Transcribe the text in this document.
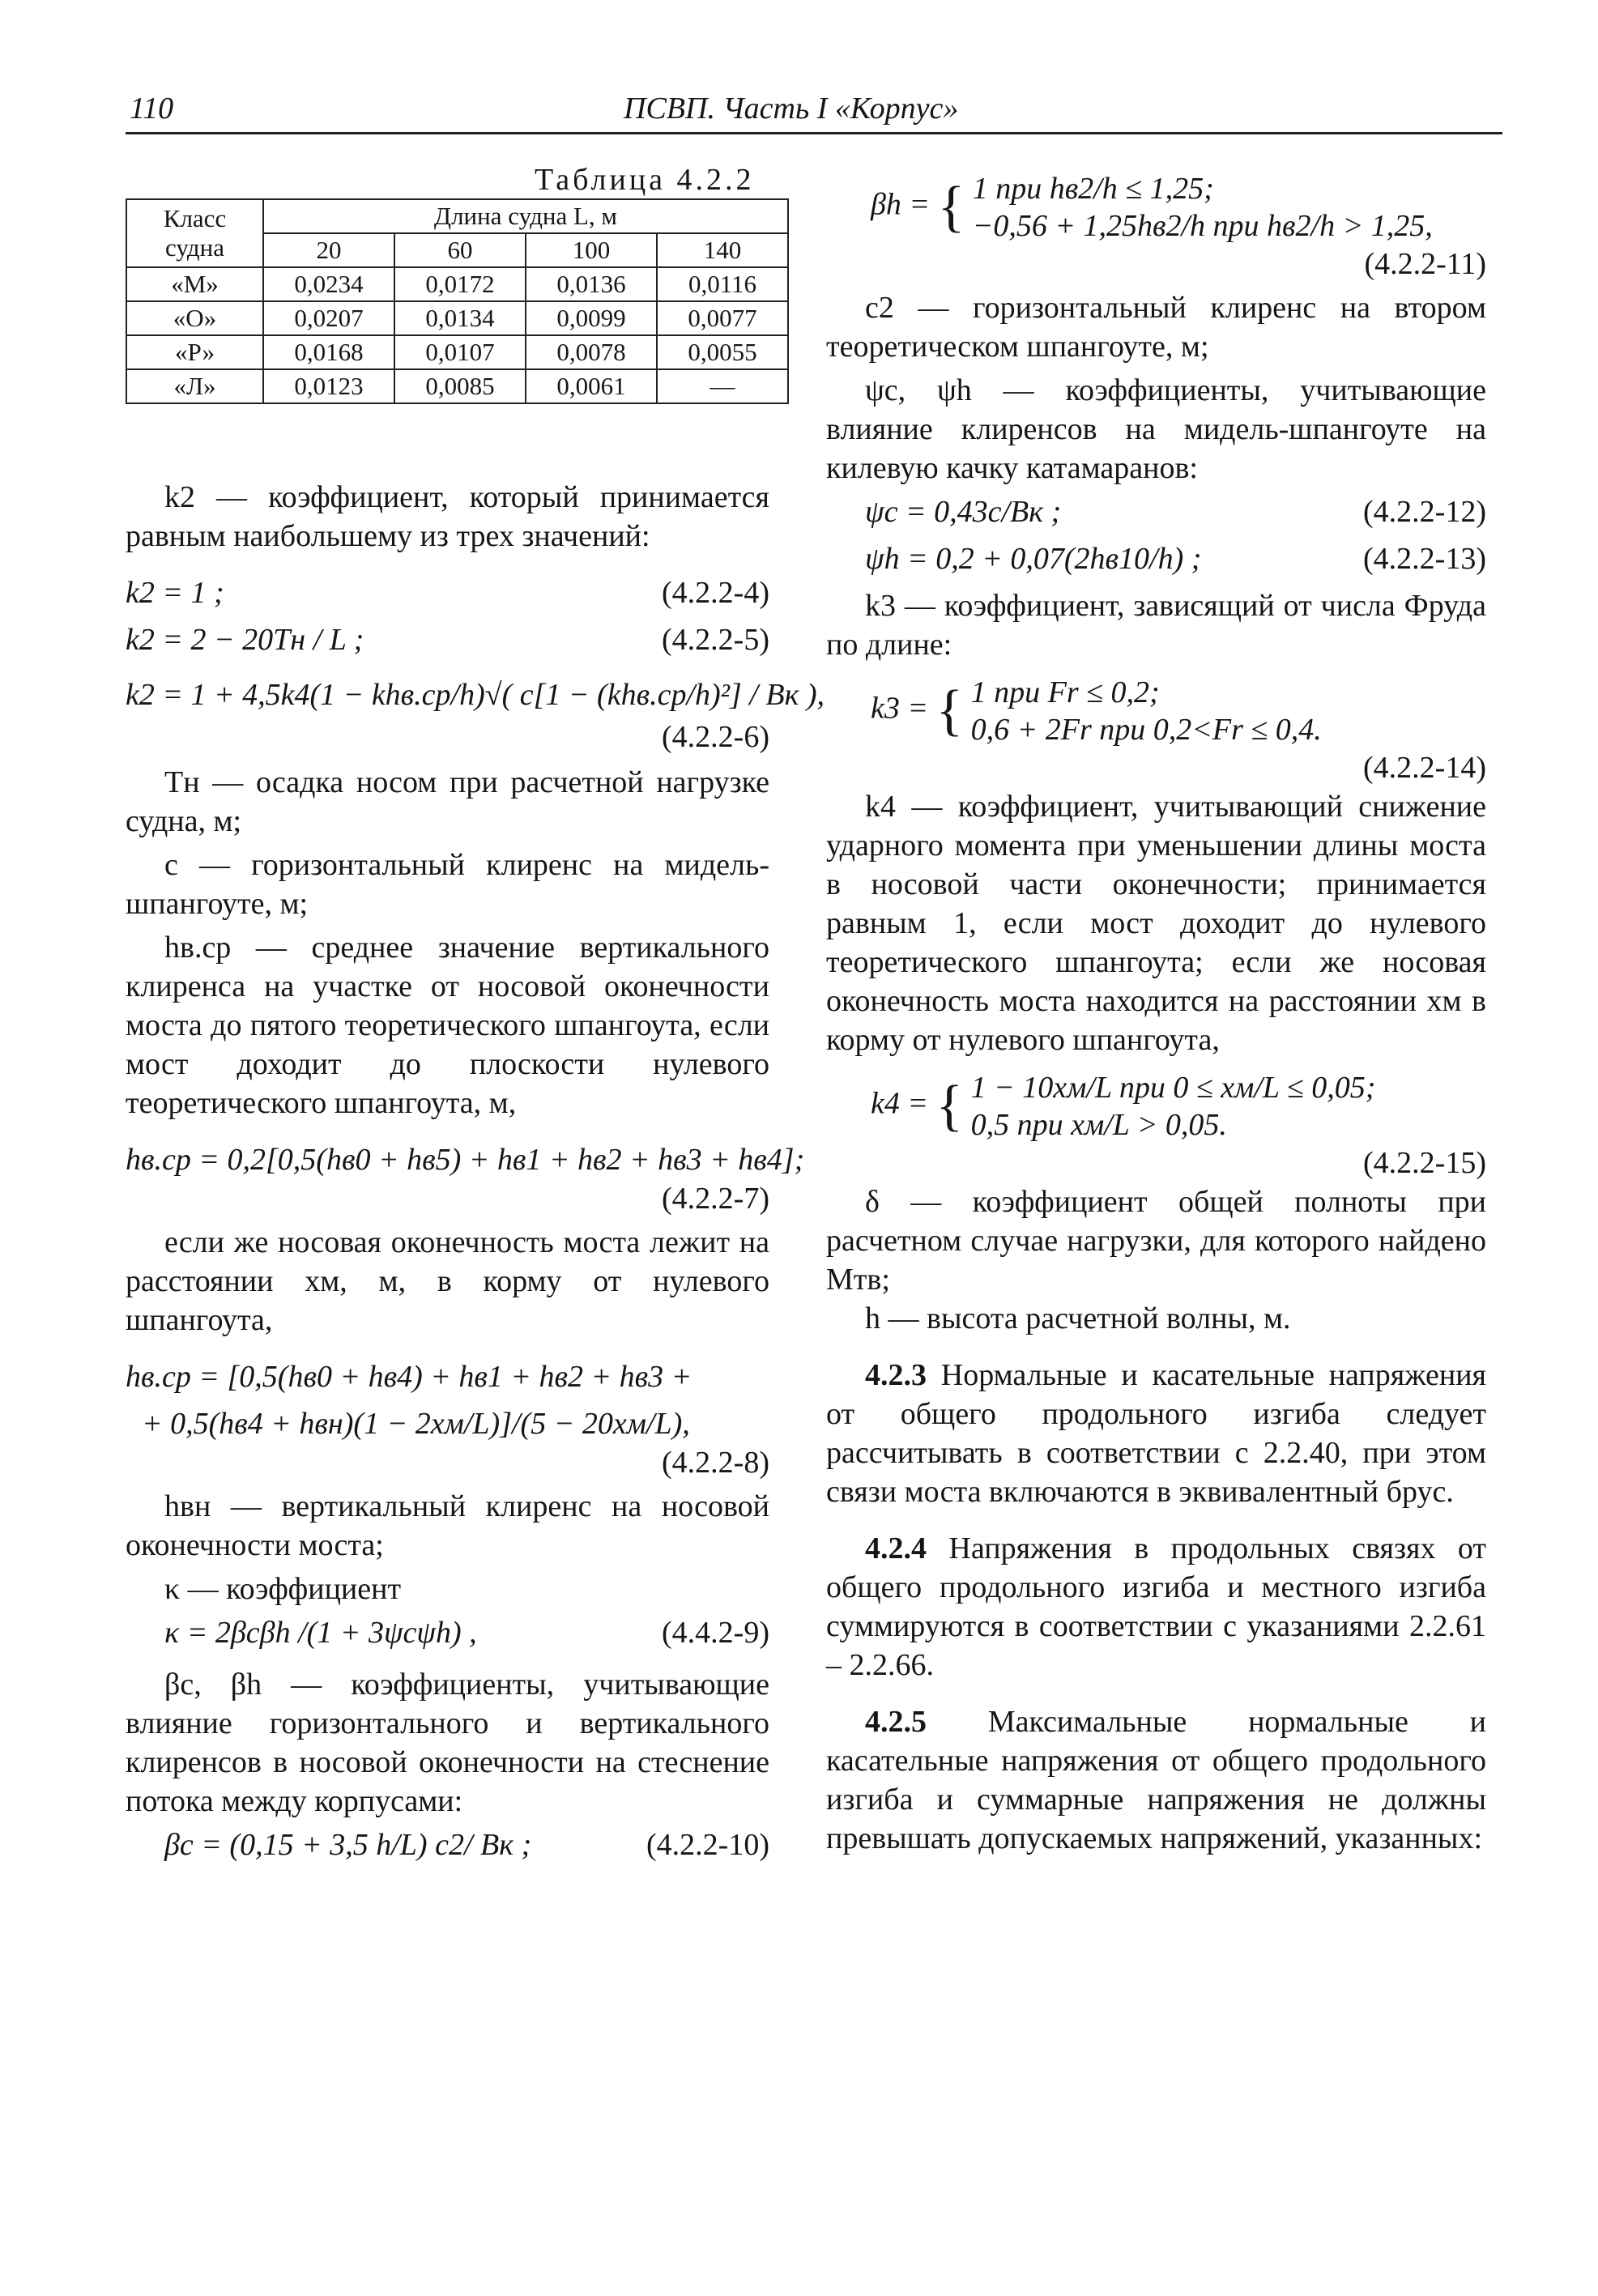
110	ПСВП. Часть I «Корпус»
Таблица 4.2.2
Класс судна	Длина судна L, м			
	20	60	100	140
«М»	0,0234	0,0172	0,0136	0,0116
«О»	0,0207	0,0134	0,0099	0,0077
«Р»	0,0168	0,0107	0,0078	0,0055
«Л»	0,0123	0,0085	0,0061	—

k2 — коэффициент, который принимается равным наибольшему из трех значений:

k2 = 1 ;	(4.2.2-4)
k2 = 2 − 20Tн / L ;	(4.2.2-5)
k2 = 1 + 4,5k4(1 − khв.ср/h)√( c[1 − (khв.ср/h)²] / Bк ),
(4.2.2-6)

Tн — осадка носом при расчетной нагрузке судна, м;

c — горизонтальный клиренс на мидель-шпангоуте, м;

hв.ср — среднее значение вертикального клиренса на участке от носовой оконечности моста до пятого теоретического шпангоута, если мост доходит до плоскости нулевого теоретического шпангоута, м,

hв.ср = 0,2[0,5(hв0 + hв5) + hв1 + hв2 + hв3 + hв4];
(4.2.2-7)

если же носовая оконечность моста лежит на расстоянии xм, м, в корму от нулевого шпангоута,

hв.ср = [0,5(hв0 + hв4) + hв1 + hв2 + hв3 +
+ 0,5(hв4 + hвн)(1 − 2xм/L)]/(5 − 20xм/L),
(4.2.2-8)

hвн — вертикальный клиренс на носовой оконечности моста;

κ — коэффициент

κ = 2βcβh /(1 + 3ψcψh) ,	(4.4.2-9)

βc, βh — коэффициенты, учитывающие влияние горизонтального и вертикального клиренсов в носовой оконечности на стеснение потока между корпусами:

βc = (0,15 + 3,5 h/L) c2/ Bк ;	(4.2.2-10)
βh = { 1 при hв2/h ≤ 1,25;
−0,56 + 1,25hв2/h при hв2/h > 1,25,
(4.2.2-11)

c2 — горизонтальный клиренс на втором теоретическом шпангоуте, м;

ψc, ψh — коэффициенты, учитывающие влияние клиренсов на мидель-шпангоуте на килевую качку катамаранов:

ψc = 0,43c/Bк ;	(4.2.2-12)
ψh = 0,2 + 0,07(2hв10/h) ;	(4.2.2-13)

k3 — коэффициент, зависящий от числа Фруда по длине:

k3 = { 1 при Fr ≤ 0,2;
0,6 + 2Fr при 0,2<Fr ≤ 0,4.
(4.2.2-14)

k4 — коэффициент, учитывающий снижение ударного момента при уменьшении длины моста в носовой части оконечности; принимается равным 1, если мост доходит до нулевого теоретического шпангоута; если же носовая оконечность моста находится на расстоянии xм в корму от нулевого шпангоута,

k4 = { 1 − 10xм/L при 0 ≤ xм/L ≤ 0,05;
0,5 при xм/L > 0,05.
(4.2.2-15)

δ — коэффициент общей полноты при расчетном случае нагрузки, для которого найдено Mтв;

h — высота расчетной волны, м.

4.2.3 Нормальные и касательные напряжения от общего продольного изгиба следует рассчитывать в соответствии с 2.2.40, при этом связи моста включаются в эквивалентный брус.

4.2.4 Напряжения в продольных связях от общего продольного изгиба и местного изгиба суммируются в соответствии с указаниями 2.2.61 – 2.2.66.

4.2.5 Максимальные нормальные и касательные напряжения от общего продольного изгиба и суммарные напряжения не должны превышать допускаемых напряжений, указанных:
